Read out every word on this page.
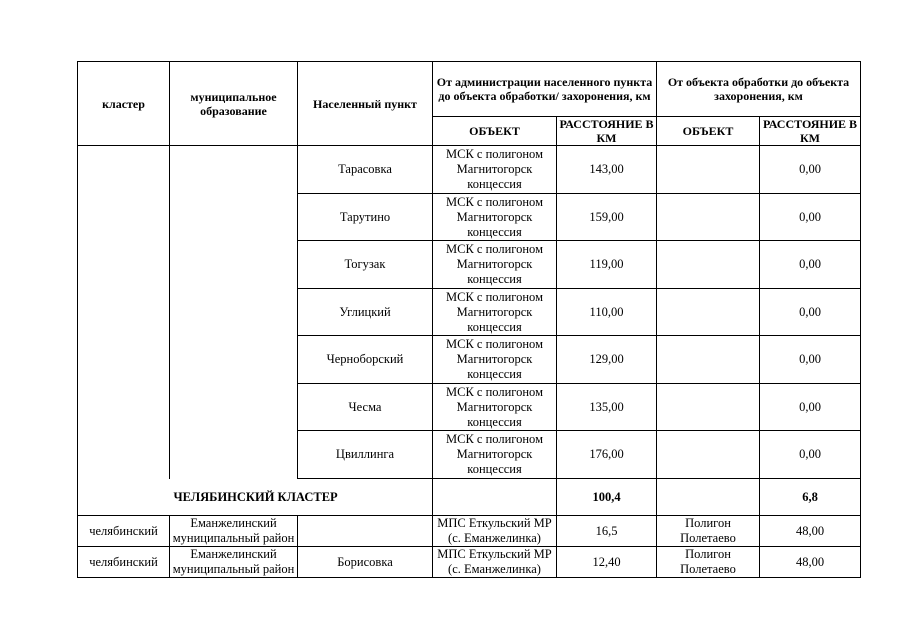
кластер	муниципальное образование	Населенный пункт	От администрации населенного пункта до объекта обработки/ захоронения, км		От объекта обработки до объекта захоронения, км	
			ОБЪЕКТ	РАССТОЯНИЕ В КМ	ОБЪЕКТ	РАССТОЯНИЕ В КМ
		Тарасовка	МСК с полигоном Магнитогорск концессия	143,00		0,00
		Тарутино	МСК с полигоном Магнитогорск концессия	159,00		0,00
		Тогузак	МСК с полигоном Магнитогорск концессия	119,00		0,00
		Углицкий	МСК с полигоном Магнитогорск концессия	110,00		0,00
		Черноборский	МСК с полигоном Магнитогорск концессия	129,00		0,00
		Чесма	МСК с полигоном Магнитогорск концессия	135,00		0,00
		Цвиллинга	МСК с полигоном Магнитогорск концессия	176,00		0,00
	ЧЕЛЯБИНСКИЙ КЛАСТЕР			100,4		6,8
челябинский	Еманжелинский муниципальный район		МПС Еткульский МР (с. Еманжелинка)	16,5	Полигон Полетаево	48,00
челябинский	Еманжелинский муниципальный район	Борисовка	МПС Еткульский МР (с. Еманжелинка)	12,40	Полигон Полетаево	48,00
